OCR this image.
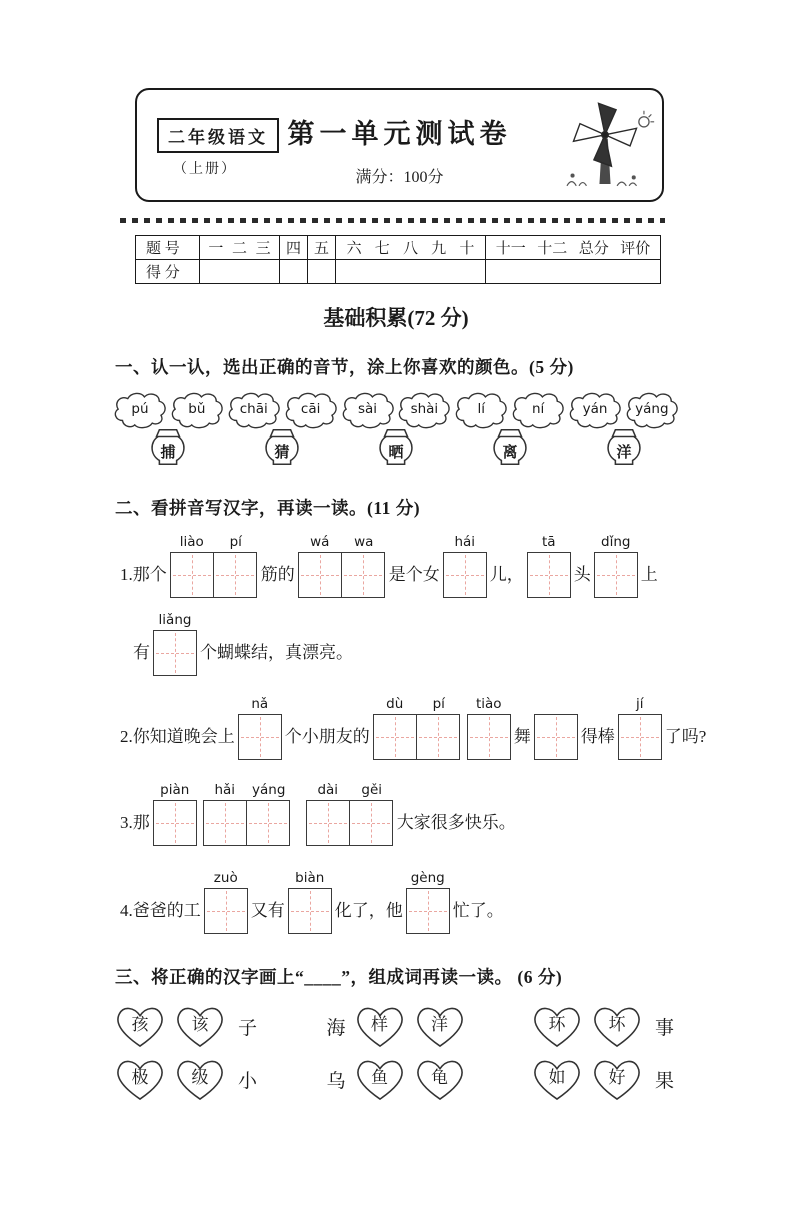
二年级语文
（上册）
第一单元测试卷
满分：100分
题 号	一 二 三	四	五	六 七 八 九 十	十一 十二 总分 评价

得 分					

基础积累(72 分)
一、认一认，选出正确的音节，涂上你喜欢的颜色。(5 分)
pú	bǔ	chāi	cāi	sài	shài	lí	ní	yán	yáng
捕	猜	晒	离	洋
二、看拼音写汉字，再读一读。(11 分)
1.那个
liào	pí
筋的
wá	wa
是个女
hái
儿，
tā
头
dǐng
上
有
liǎng
个蝴蝶结，真漂亮。
2.你知道晚会上
nǎ
个小朋友的
dù	pí	tiào
舞	得棒
jí
了吗?
3.那
piàn	hǎi	yáng	dài	gěi
大家很多快乐。
4.爸爸的工
zuò
又有
biàn
化了，他
gèng
忙了。
三、将正确的汉字画上“____”，组成词再读一读。 (6 分)
孩	该	子	海	样	洋	环	坏	事
极	级	小	乌	鱼	龟	如	好	果
